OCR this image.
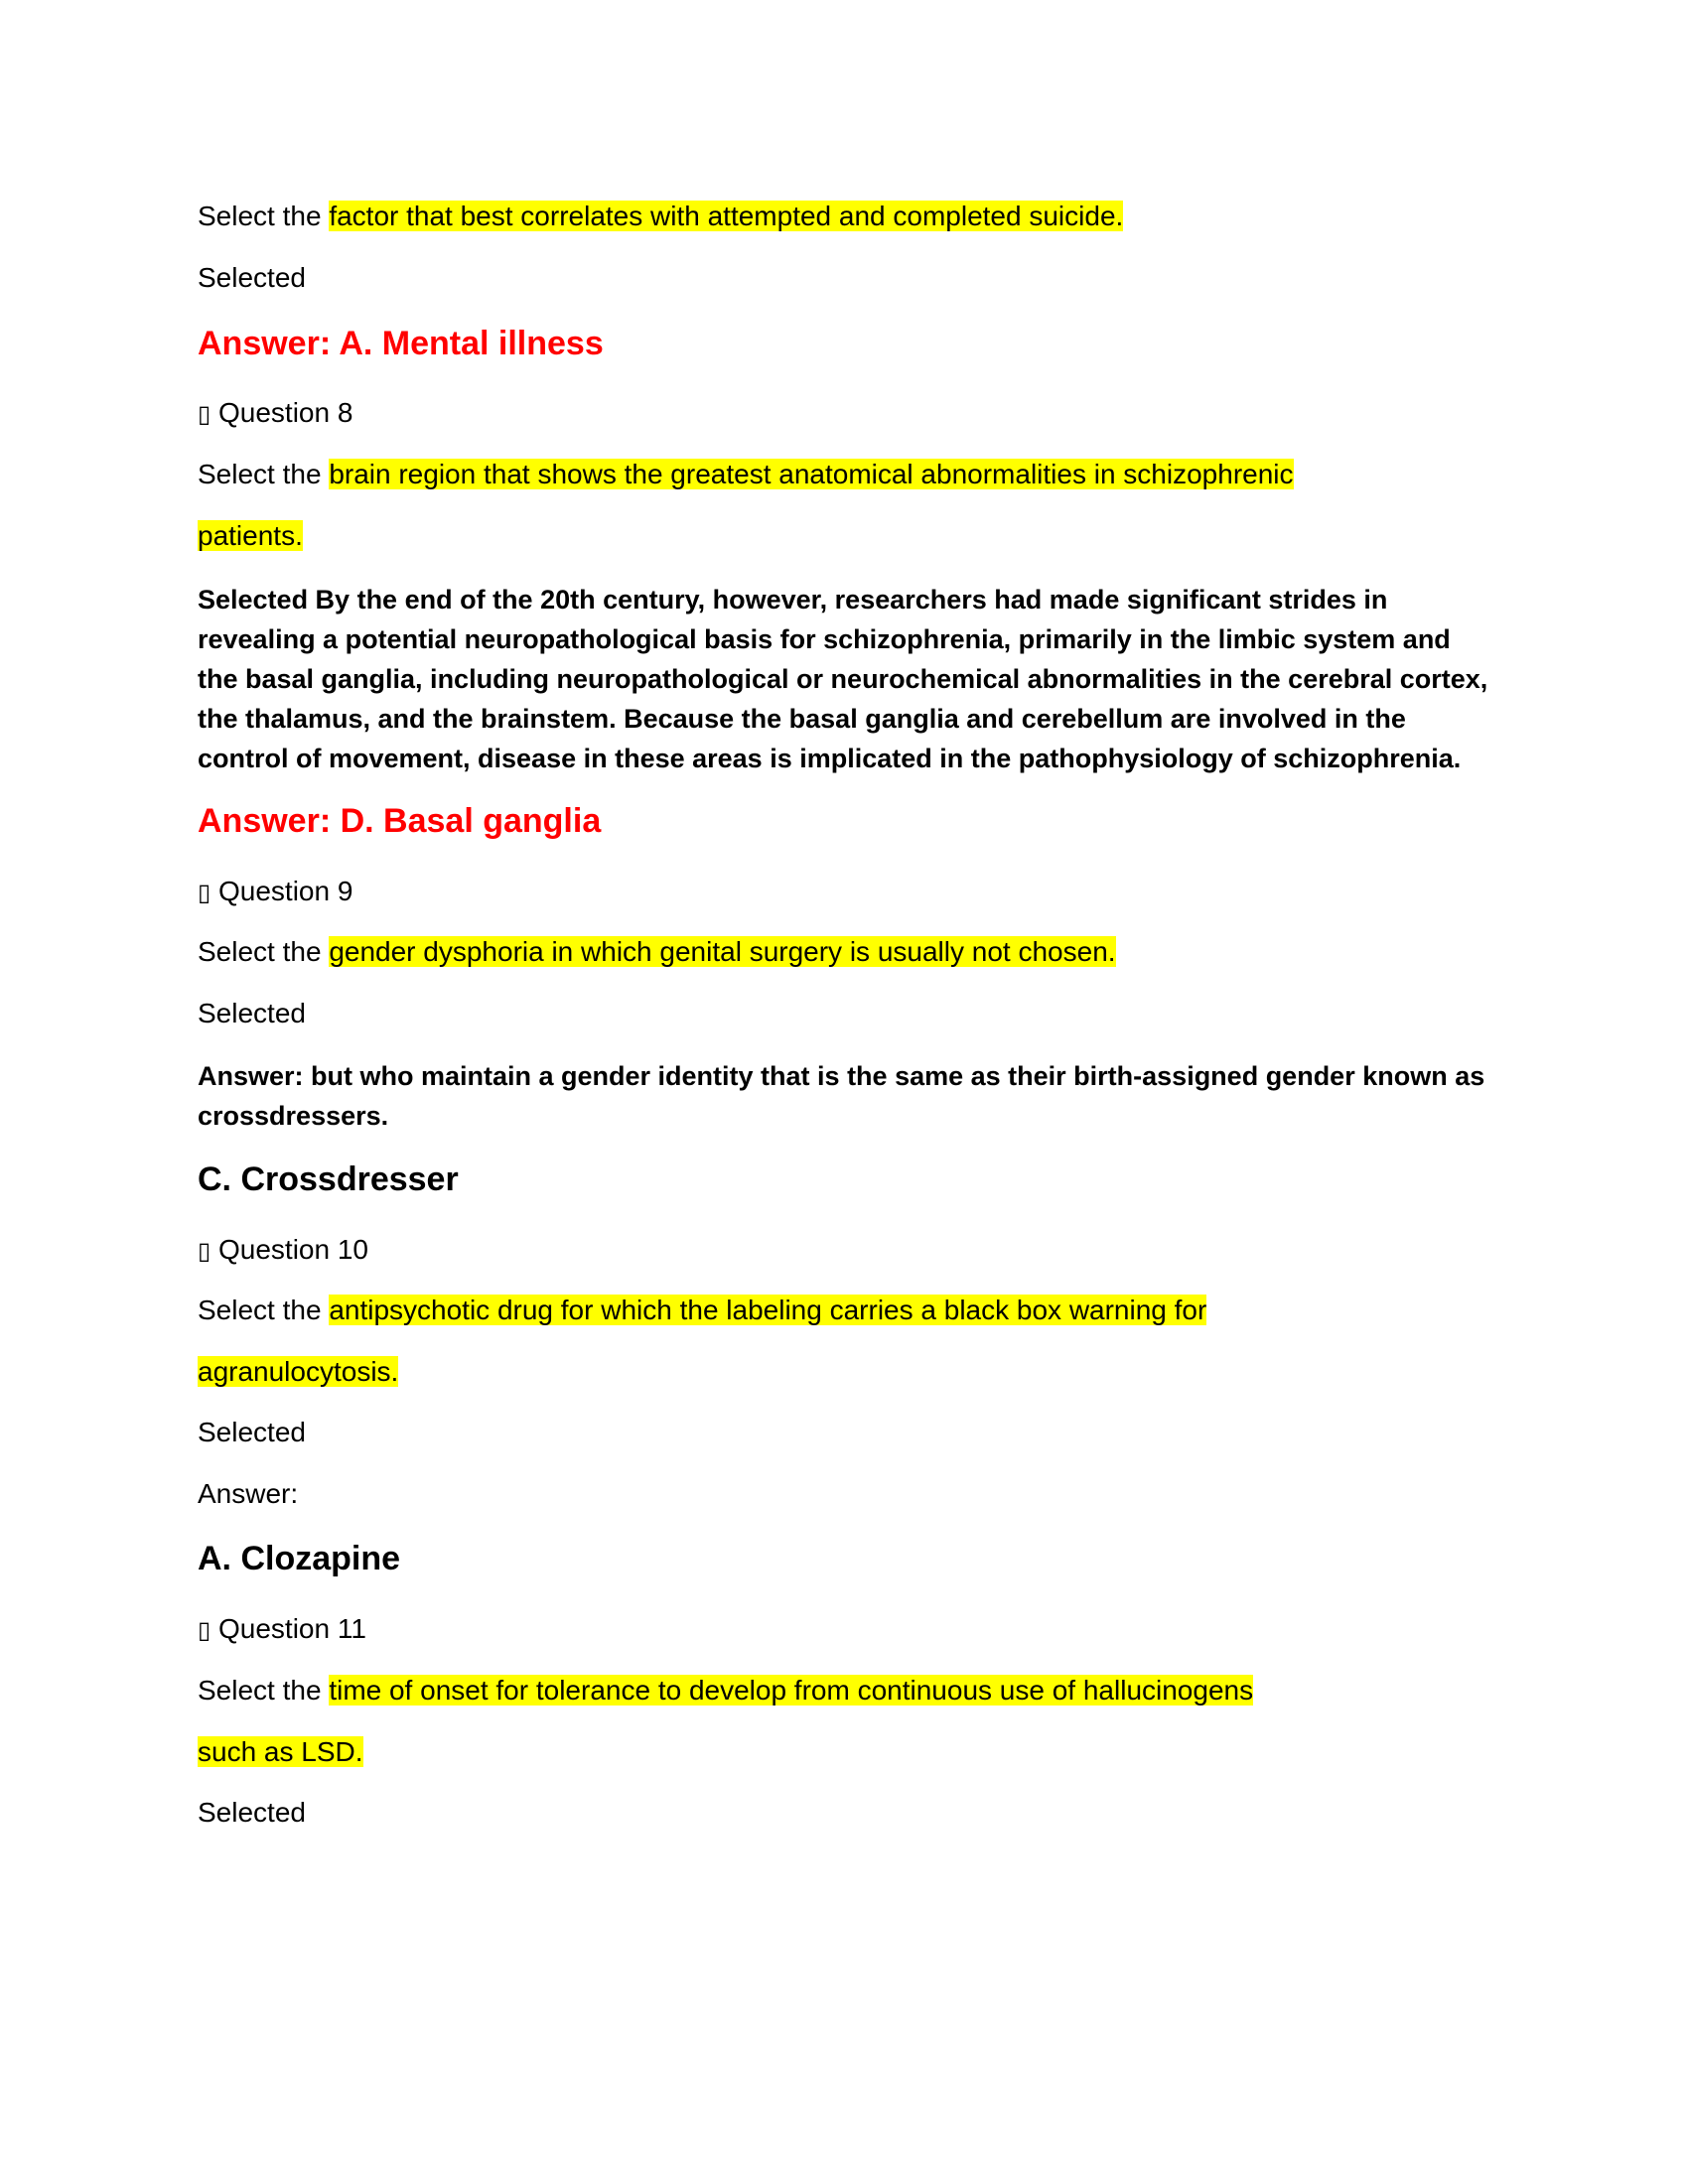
Select the factor that best correlates with attempted and completed suicide.
Selected
Answer: A. Mental illness
▯ Question 8
Select the brain region that shows the greatest anatomical abnormalities in schizophrenic
patients.
Selected By the end of the 20th century, however, researchers had made significant strides in revealing a potential neuropathological basis for schizophrenia, primarily in the limbic system and the basal ganglia, including neuropathological or neurochemical abnormalities in the cerebral cortex, the thalamus, and the brainstem. Because the basal ganglia and cerebellum are involved in the control of movement, disease in these areas is implicated in the pathophysiology of schizophrenia.
Answer: D. Basal ganglia
▯ Question 9
Select the gender dysphoria in which genital surgery is usually not chosen.
Selected
Answer: but who maintain a gender identity that is the same as their birth-assigned gender known as crossdressers.
C. Crossdresser
▯ Question 10
Select the antipsychotic drug for which the labeling carries a black box warning for
agranulocytosis.
Selected
Answer:
A. Clozapine
▯ Question 11
Select the time of onset for tolerance to develop from continuous use of hallucinogens
such as LSD.
Selected
